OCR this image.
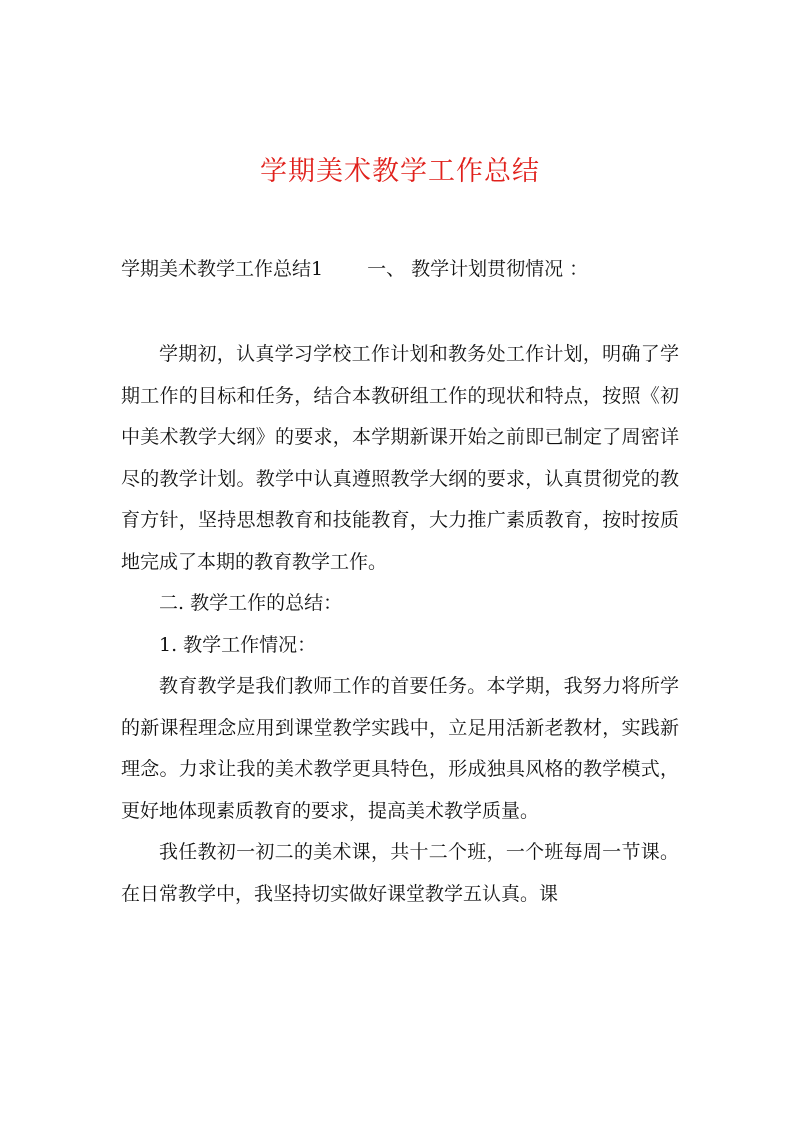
学期美术教学工作总结
学期美术教学工作总结1 一、 教学计划贯彻情况 ：

学期初，认真学习学校工作计划和教务处工作计划，明确了学期工作的目标和任务，结合本教研组工作的现状和特点，按照《初中美术教学大纲》的要求，本学期新课开始之前即已制定了周密详尽的教学计划。教学中认真遵照教学大纲的要求，认真贯彻党的教育方针，坚持思想教育和技能教育，大力推广素质教育，按时按质地完成了本期的教育教学工作。

二. 教学工作的总结：

1. 教学工作情况：

教育教学是我们教师工作的首要任务。本学期，我努力将所学的新课程理念应用到课堂教学实践中，立足用活新老教材，实践新理念。力求让我的美术教学更具特色，形成独具风格的教学模式，更好地体现素质教育的要求，提高美术教学质量。

我任教初一初二的美术课，共十二个班，一个班每周一节课。在日常教学中，我坚持切实做好课堂教学五认真。课
